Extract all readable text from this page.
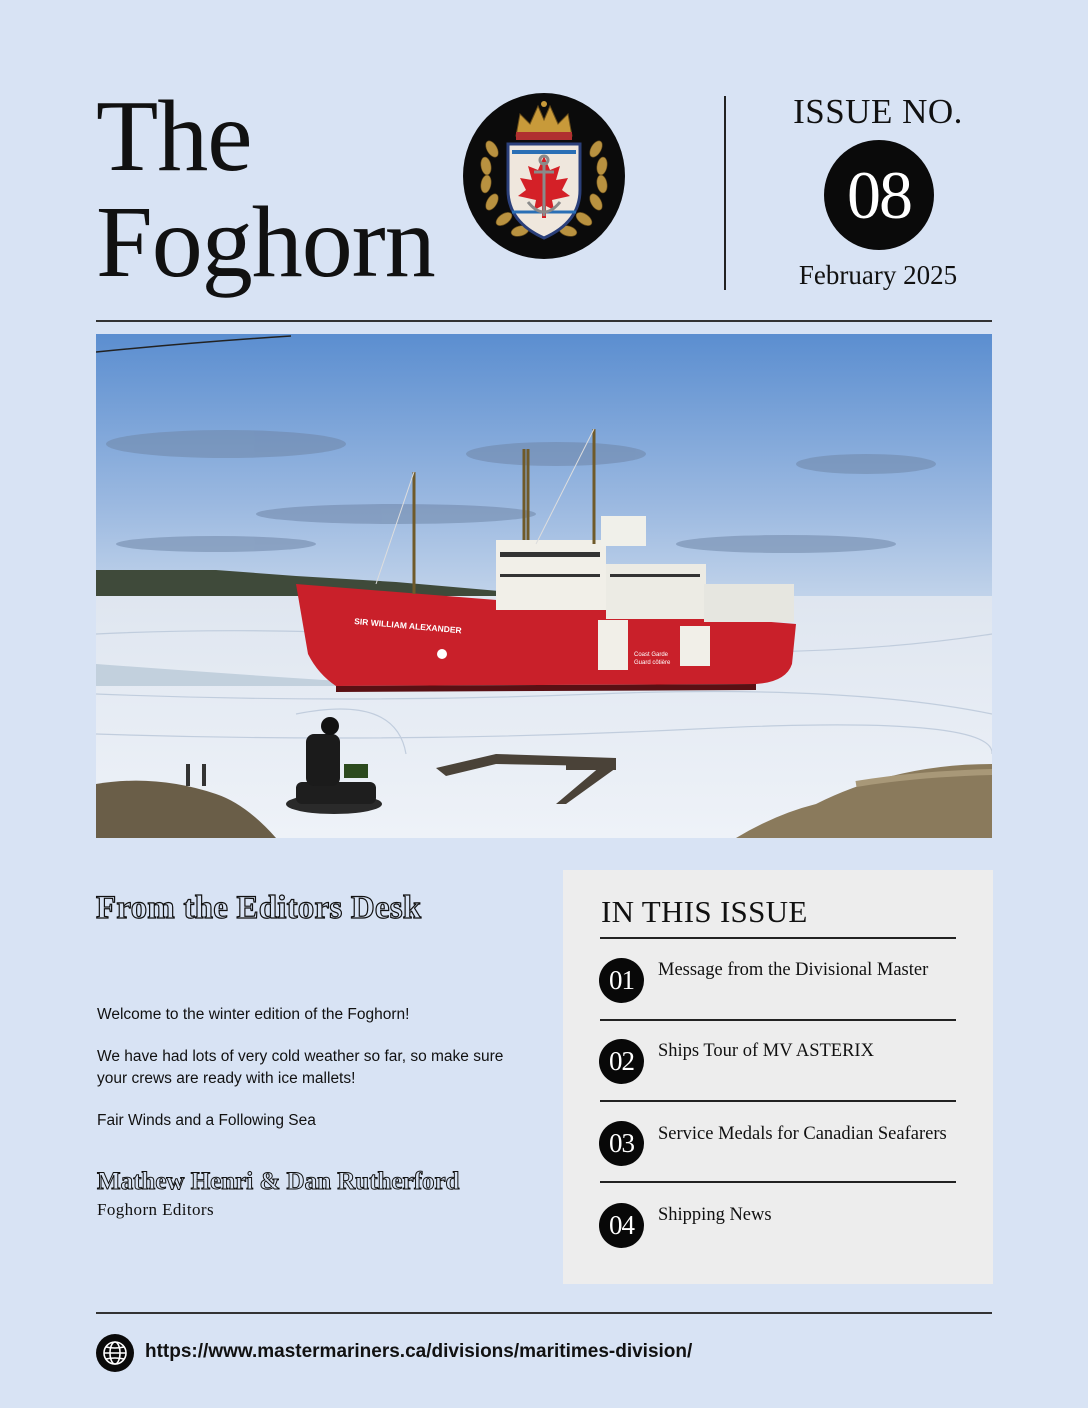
The
Foghorn
ISSUE NO.
08
February 2025
SIR WILLIAM ALEXANDER
Coast Garde
Guard côtière
From the Editors Desk
Welcome to the winter edition of the Foghorn!
We have had lots of very cold weather so far, so make sure your crews are ready with ice mallets!
Fair Winds and a Following Sea
Mathew Henri & Dan Rutherford
Foghorn Editors
IN THIS ISSUE
01	Message from the Divisional Master
02	Ships Tour of MV ASTERIX
03	Service Medals for Canadian Seafarers
04	Shipping News
https://www.mastermariners.ca/divisions/maritimes-division/
